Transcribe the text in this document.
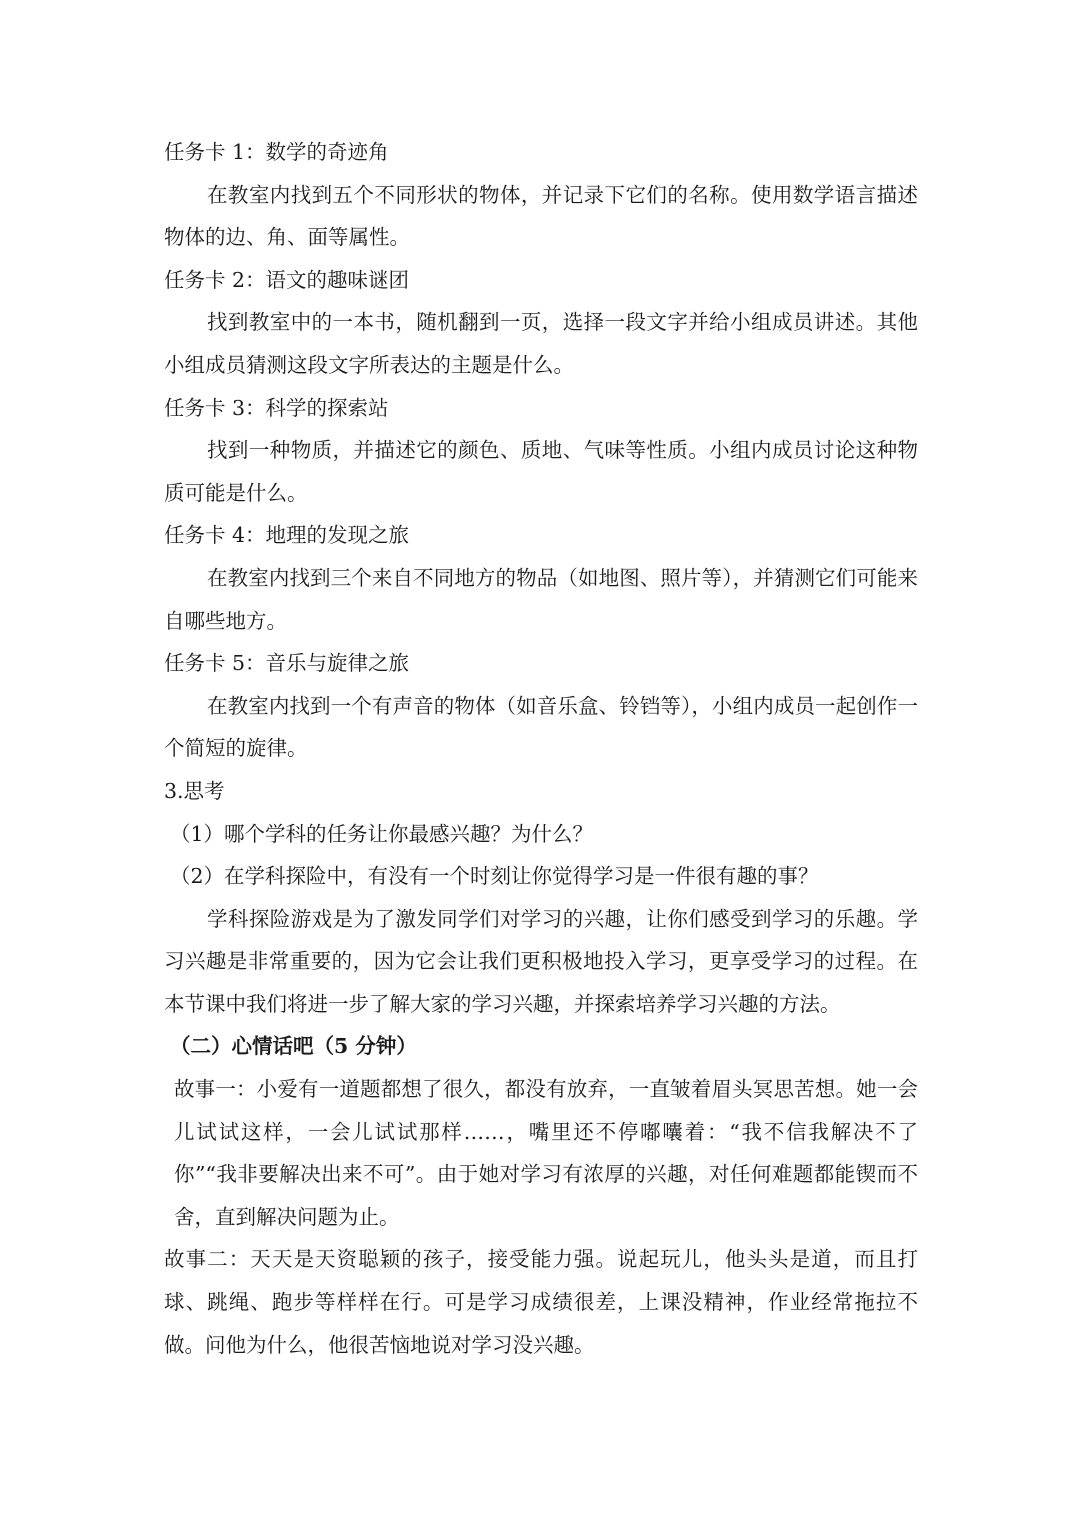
任务卡 1：数学的奇迹角

在教室内找到五个不同形状的物体，并记录下它们的名称。使用数学语言描述物体的边、角、面等属性。

任务卡 2：语文的趣味谜团

找到教室中的一本书，随机翻到一页，选择一段文字并给小组成员讲述。其他小组成员猜测这段文字所表达的主题是什么。

任务卡 3：科学的探索站

找到一种物质，并描述它的颜色、质地、气味等性质。小组内成员讨论这种物质可能是什么。

任务卡 4：地理的发现之旅

在教室内找到三个来自不同地方的物品（如地图、照片等），并猜测它们可能来自哪些地方。

任务卡 5：音乐与旋律之旅

在教室内找到一个有声音的物体（如音乐盒、铃铛等），小组内成员一起创作一个简短的旋律。

3.思考

（1）哪个学科的任务让你最感兴趣？为什么？

（2）在学科探险中，有没有一个时刻让你觉得学习是一件很有趣的事？

学科探险游戏是为了激发同学们对学习的兴趣，让你们感受到学习的乐趣。学习兴趣是非常重要的，因为它会让我们更积极地投入学习，更享受学习的过程。在本节课中我们将进一步了解大家的学习兴趣，并探索培养学习兴趣的方法。

（二）心情话吧（5 分钟）

故事一：小爱有一道题都想了很久，都没有放弃，一直皱着眉头冥思苦想。她一会儿试试这样，一会儿试试那样……，嘴里还不停嘟囔着：“我不信我解决不了你”“我非要解决出来不可”。由于她对学习有浓厚的兴趣，对任何难题都能锲而不舍，直到解决问题为止。

故事二：天天是天资聪颖的孩子，接受能力强。说起玩儿，他头头是道，而且打球、跳绳、跑步等样样在行。可是学习成绩很差，上课没精神，作业经常拖拉不做。问他为什么，他很苦恼地说对学习没兴趣。
